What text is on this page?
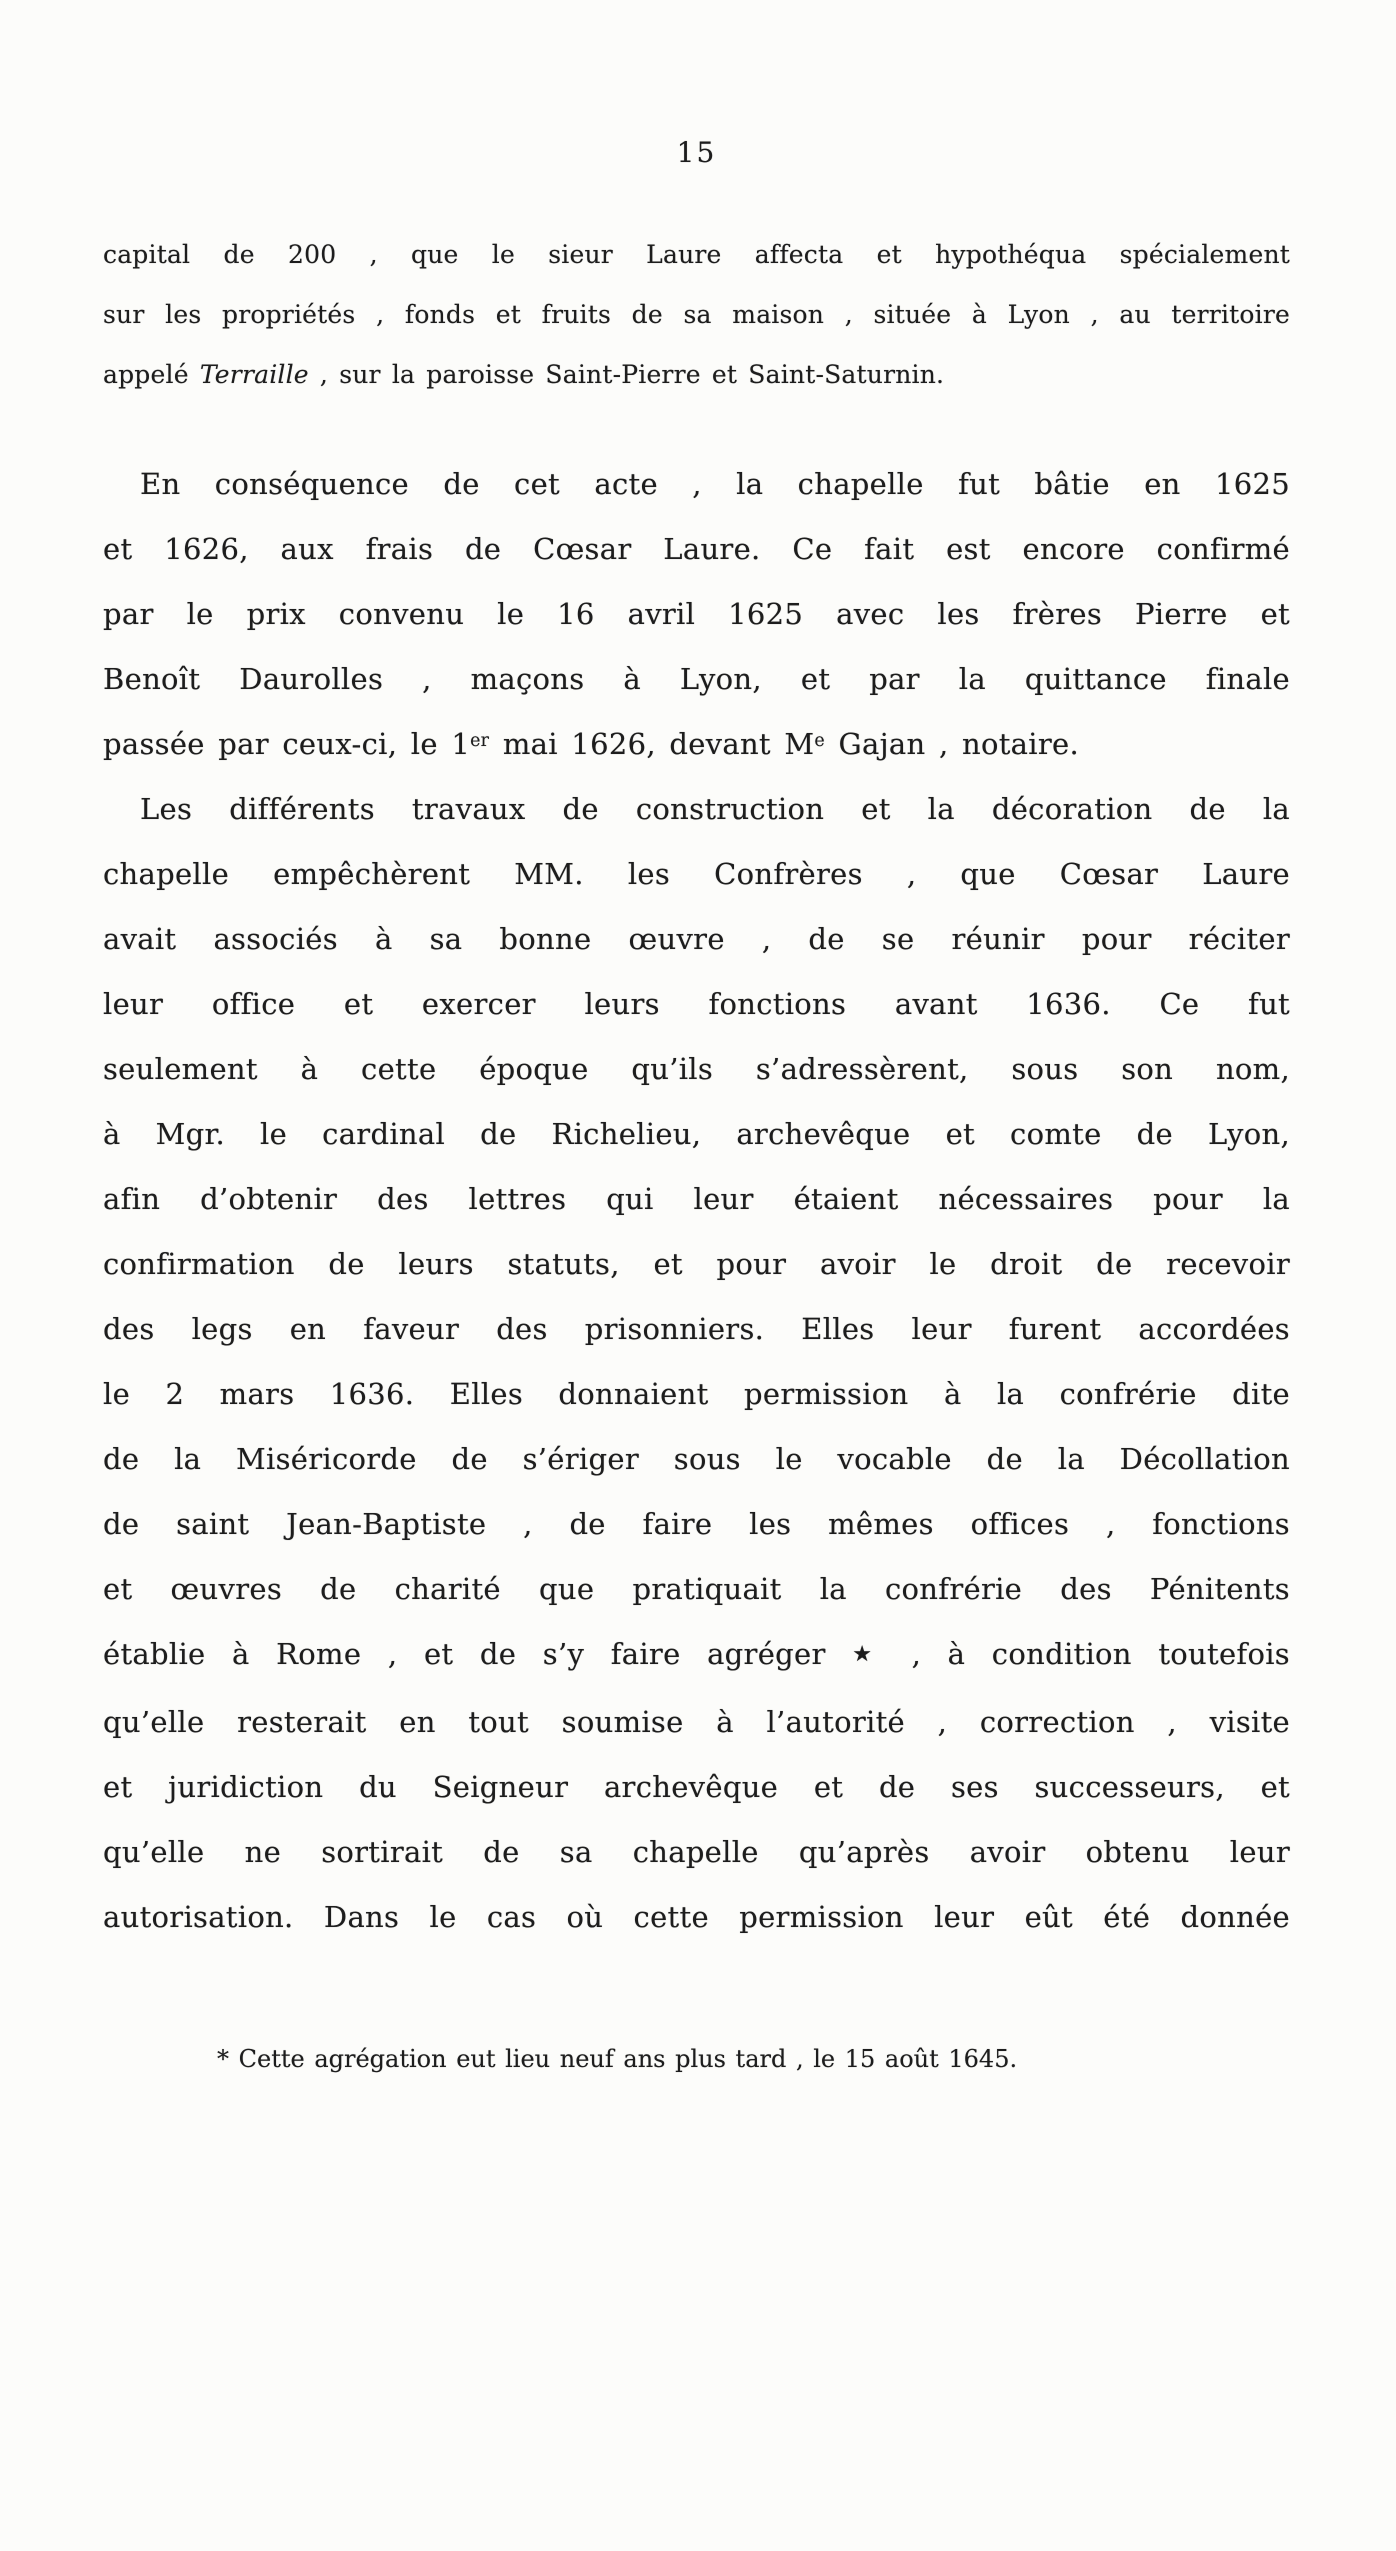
15

capital de 200 , que le sieur Laure affecta et hypothéqua spécialement
sur les propriétés , fonds et fruits de sa maison , située à Lyon , au territoire
appelé Terraille , sur la paroisse Saint-Pierre et Saint-Saturnin.

En conséquence de cet acte , la chapelle fut bâtie en 1625
et 1626, aux frais de Cœsar Laure. Ce fait est encore confirmé
par le prix convenu le 16 avril 1625 avec les frères Pierre et
Benoît Daurolles , maçons à Lyon, et par la quittance finale
passée par ceux-ci, le 1er mai 1626, devant Me Gajan , notaire.

Les différents travaux de construction et la décoration de la
chapelle empêchèrent MM. les Confrères , que Cœsar Laure
avait associés à sa bonne œuvre , de se réunir pour réciter
leur office et exercer leurs fonctions avant 1636. Ce fut
seulement à cette époque qu’ils s’adressèrent, sous son nom,
à Mgr. le cardinal de Richelieu, archevêque et comte de Lyon,
afin d’obtenir des lettres qui leur étaient nécessaires pour la
confirmation de leurs statuts, et pour avoir le droit de recevoir
des legs en faveur des prisonniers. Elles leur furent accordées
le 2 mars 1636. Elles donnaient permission à la confrérie dite
de la Miséricorde de s’ériger sous le vocable de la Décollation
de saint Jean-Baptiste , de faire les mêmes offices , fonctions
et œuvres de charité que pratiquait la confrérie des Pénitents
établie à Rome , et de s’y faire agréger ★ , à condition toutefois
qu’elle resterait en tout soumise à l’autorité , correction , visite
et juridiction du Seigneur archevêque et de ses successeurs, et
qu’elle ne sortirait de sa chapelle qu’après avoir obtenu leur
autorisation. Dans le cas où cette permission leur eût été donnée

* Cette agrégation eut lieu neuf ans plus tard , le 15 août 1645.
